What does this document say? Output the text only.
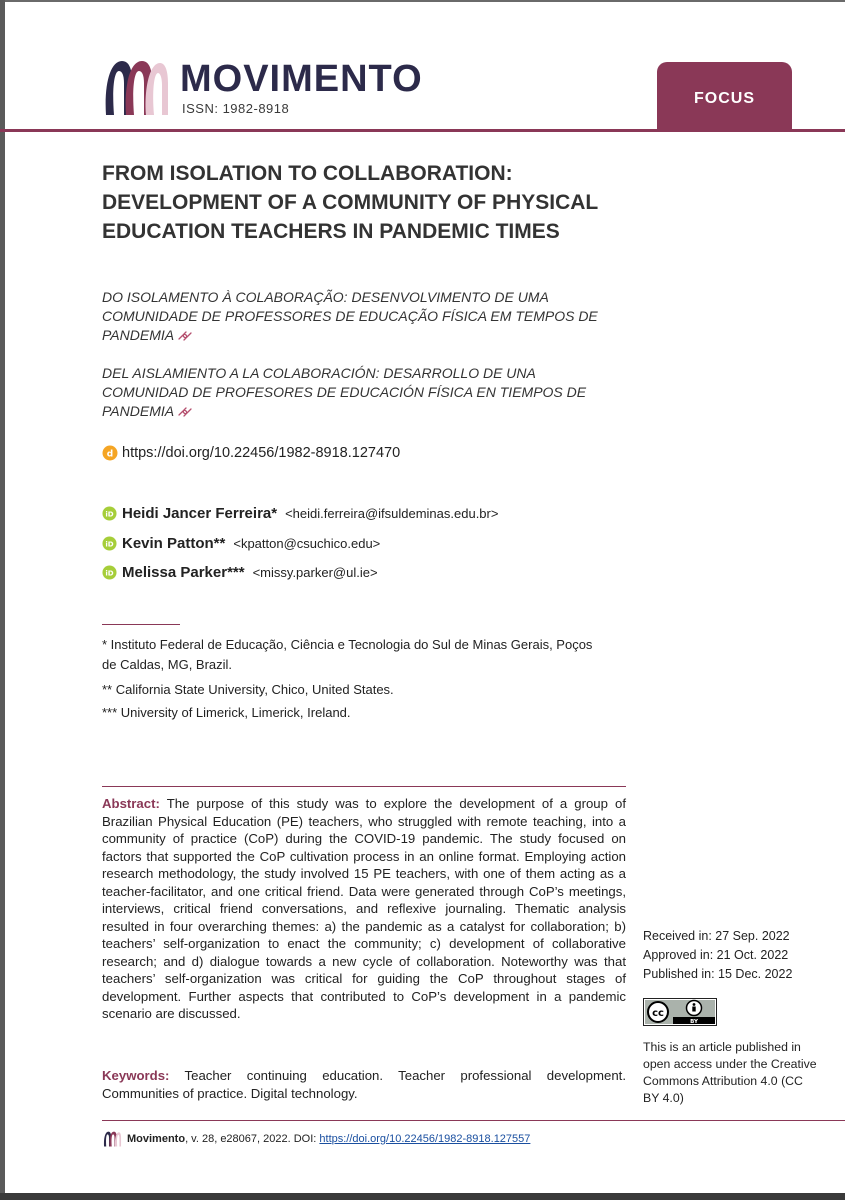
MOVIMENTO
ISSN: 1982-8918
FOCUS
FROM ISOLATION TO COLLABORATION: DEVELOPMENT OF A COMMUNITY OF PHYSICAL EDUCATION TEACHERS IN PANDEMIC TIMES

DO ISOLAMENTO À COLABORAÇÃO: DESENVOLVIMENTO DE UMA COMUNIDADE DE PROFESSORES DE EDUCAÇÃO FÍSICA EM TEMPOS DE PANDEMIA

DEL AISLAMIENTO A LA COLABORACIÓN: DESARROLLO DE UNA COMUNIDAD DE PROFESORES DE EDUCACIÓN FÍSICA EN TIEMPOS DE PANDEMIA

d https://doi.org/10.22456/1982-8918.127470
iD Heidi Jancer Ferreira* <heidi.ferreira@ifsuldeminas.edu.br>
iD Kevin Patton** <kpatton@csuchico.edu>
iD Melissa Parker*** <missy.parker@ul.ie>

* Instituto Federal de Educação, Ciência e Tecnologia do Sul de Minas Gerais, Poços de Caldas, MG, Brazil.

** California State University, Chico, United States.

*** University of Limerick, Limerick, Ireland.

Abstract: The purpose of this study was to explore the development of a group of Brazilian Physical Education (PE) teachers, who struggled with remote teaching, into a community of practice (CoP) during the COVID-19 pandemic. The study focused on factors that supported the CoP cultivation process in an online format. Employing action research methodology, the study involved 15 PE teachers, with one of them acting as a teacher-facilitator, and one critical friend. Data were generated through CoP’s meetings, interviews, critical friend conversations, and reflexive journaling. Thematic analysis resulted in four overarching themes: a) the pandemic as a catalyst for collaboration; b) teachers’ self-organization to enact the community; c) development of collaborative research; and d) dialogue towards a new cycle of collaboration. Noteworthy was that teachers’ self-organization was critical for guiding the CoP throughout stages of development. Further aspects that contributed to CoP’s development in a pandemic scenario are discussed.

Keywords: Teacher continuing education. Teacher professional development. Communities of practice. Digital technology.

Received in: 27 Sep. 2022
Approved in: 21 Oct. 2022
Published in: 15 Dec. 2022
cc
BY

This is an article published in open access under the Creative Commons Attribution 4.0 (CC BY 4.0)

Movimento, v. 28, e28067, 2022. DOI: https://doi.org/10.22456/1982-8918.127557
